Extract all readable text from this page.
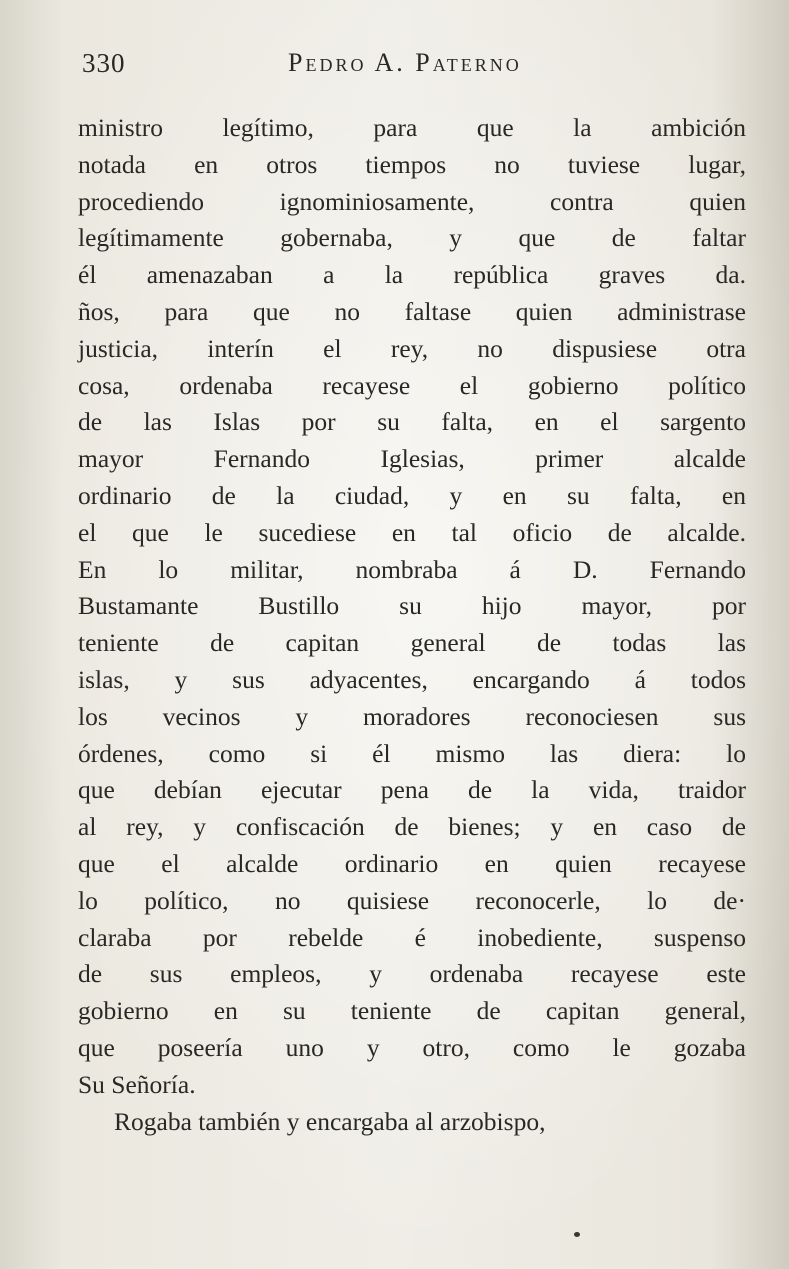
330	Pedro A. Paterno
ministro legítimo, para que la ambición
notada en otros tiempos no tuviese lugar,
procediendo ignominiosamente, contra quien
legítimamente gobernaba, y que de faltar
él amenazaban a la república graves da.
ños, para que no faltase quien administrase
justicia, interín el rey, no dispusiese otra
cosa, ordenaba recayese el gobierno político
de las Islas por su falta, en el sargento
mayor Fernando Iglesias, primer alcalde
ordinario de la ciudad, y en su falta, en
el que le sucediese en tal oficio de alcalde.
En lo militar, nombraba á D. Fernando
Bustamante Bustillo su hijo mayor, por
teniente de capitan general de todas las
islas, y sus adyacentes, encargando á todos
los vecinos y moradores reconociesen sus
órdenes, como si él mismo las diera: lo
que debían ejecutar pena de la vida, traidor
al rey, y confiscación de bienes; y en caso de
que el alcalde ordinario en quien recayese
lo político, no quisiese reconocerle, lo de·
claraba por rebelde é inobediente, suspenso
de sus empleos, y ordenaba recayese este
gobierno en su teniente de capitan general,
que poseería uno y otro, como le gozaba
Su Señoría.
Rogaba también y encargaba al arzobispo,
